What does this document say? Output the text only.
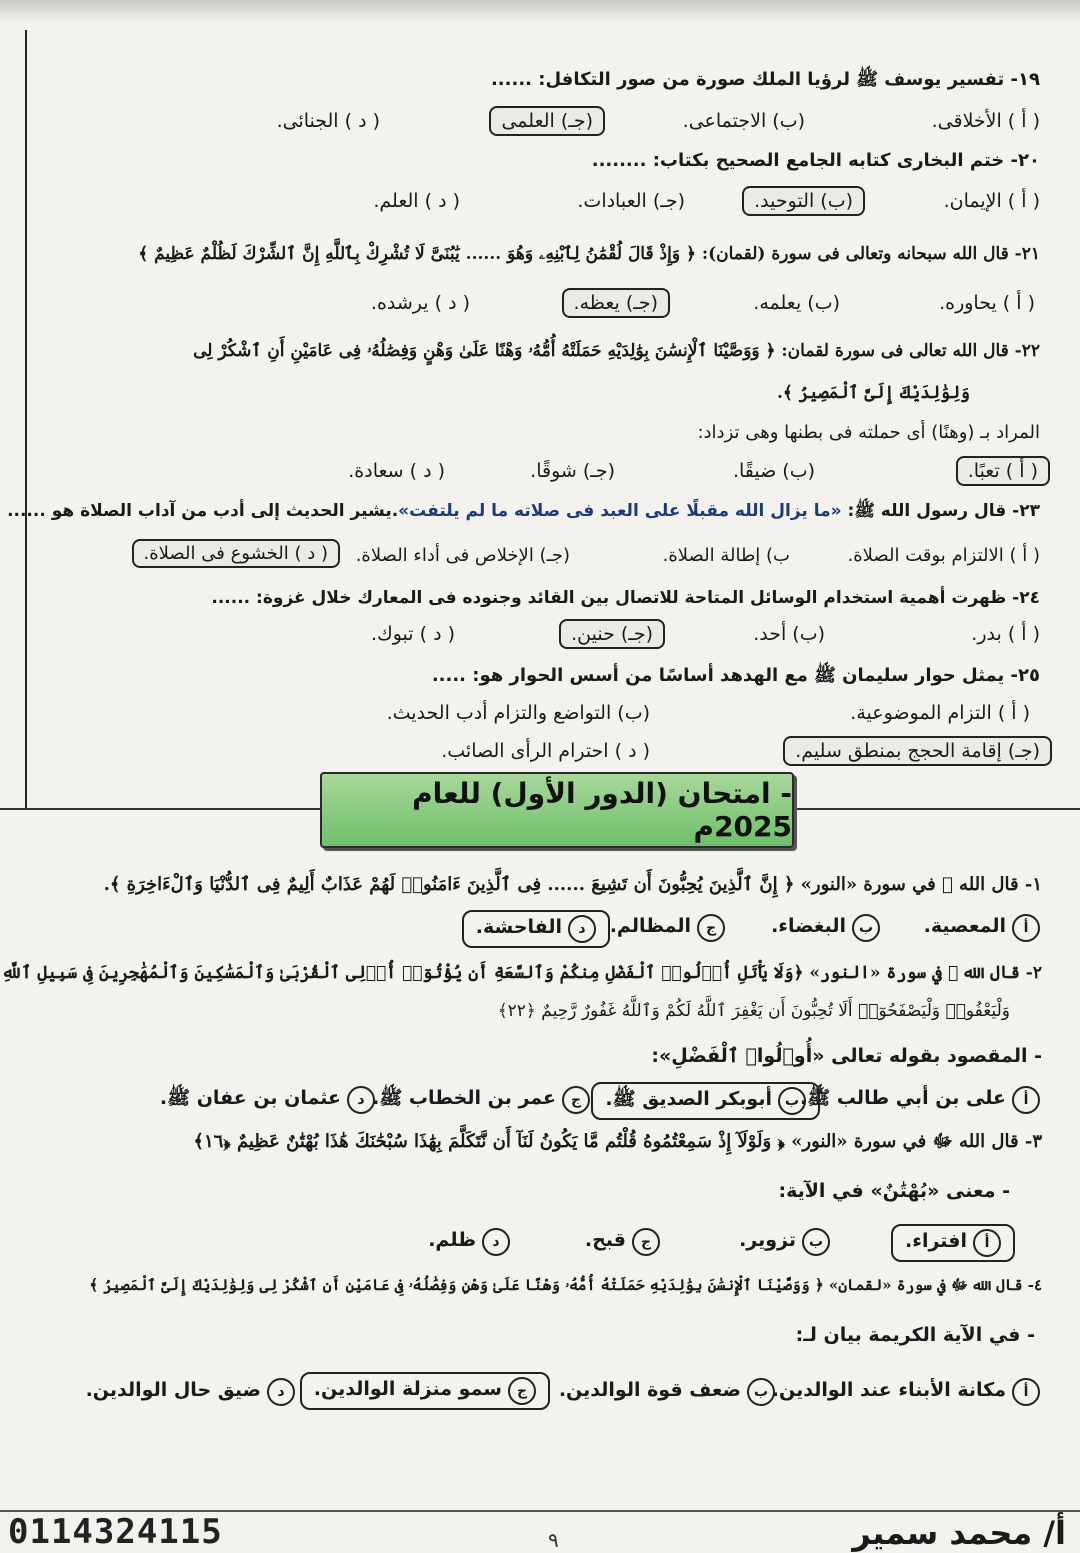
١٩- تفسير يوسف ﷺ لرؤيا الملك صورة من صور التكافل: ......
( أ ) الأخلاقى.
(ب) الاجتماعى.
(جـ) العلمى
( د ) الجنائى.
٢٠- ختم البخارى كتابه الجامع الصحيح بكتاب: ........
( أ ) الإيمان.
(ب) التوحيد.
(جـ) العبادات.
( د ) العلم.
٢١- قال الله سبحانه وتعالى فى سورة (لقمان): ﴿ وَإِذْ قَالَ لُقْمَٰنُ لِٱبْنِهِۦ وَهُوَ ...... يَٰبُنَىَّ لَا تُشْرِكْ بِٱللَّهِ إِنَّ ٱلشِّرْكَ لَظُلْمٌ عَظِيمٌ ﴾
( أ ) يحاوره.
(ب) يعلمه.
(جـ) يعظه.
( د ) يرشده.
٢٢- قال الله تعالى فى سورة لقمان: ﴿ وَوَصَّيْنَا ٱلْإِنسَٰنَ بِوَٰلِدَيْهِ حَمَلَتْهُ أُمُّهُۥ وَهْنًا عَلَىٰ وَهْنٍ وَفِصَٰلُهُۥ فِى عَامَيْنِ أَنِ ٱشْكُرْ لِى
وَلِوَٰلِدَيْكَ إِلَىَّ ٱلْمَصِيرُ ﴾.
المراد بـ (وهنًا) أى حملته فى بطنها وهى تزداد:
( أ ) تعبًا.
(ب) ضيقًا.
(جـ) شوقًا.
( د ) سعادة.
٢٣- قال رسول الله ﷺ: «ما يزال الله مقبلًا على العبد فى صلاته ما لم يلتفت».يشير الحديث إلى أدب من آداب الصلاة هو ......
( أ ) الالتزام بوقت الصلاة.
ب) إطالة الصلاة.
(جـ) الإخلاص فى أداء الصلاة.
( د ) الخشوع فى الصلاة.
٢٤- ظهرت أهمية استخدام الوسائل المتاحة للاتصال بين القائد وجنوده فى المعارك خلال غزوة: ......
( أ ) بدر.
(ب) أحد.
(جـ) حنين.
( د ) تبوك.
٢٥- يمثل حوار سليمان ﷺ مع الهدهد أساسًا من أسس الحوار هو: .....
( أ ) التزام الموضوعية.
(ب) التواضع والتزام أدب الحديث.
(جـ) إقامة الحجج بمنطق سليم.
( د ) احترام الرأى الصائب.
- امتحان (الدور الأول) للعام 2025م
١- قال الله ﷻ في سورة «النور» ﴿ إِنَّ ٱلَّذِينَ يُحِبُّونَ أَن تَشِيعَ ...... فِى ٱلَّذِينَ ءَامَنُوا۟ لَهُمْ عَذَابٌ أَلِيمٌ فِى ٱلدُّنْيَا وَٱلْءَاخِرَةِ ﴾.
أالمعصية.
بالبغضاء.
جالمظالم.
دالفاحشة.
٢- قال الله ﷻ في سورة «النور» ﴿وَلَا يَأْتَلِ أُو۟لُوا۟ ٱلْفَضْلِ مِنكُمْ وَٱلسَّعَةِ أَن يُؤْتُوٓا۟ أُو۟لِى ٱلْقُرْبَىٰ وَٱلْمَسَٰكِينَ وَٱلْمُهَٰجِرِينَ فِى سَبِيلِ ٱللَّهِ
وَلْيَعْفُوا۟ وَلْيَصْفَحُوٓا۟ أَلَا تُحِبُّونَ أَن يَغْفِرَ ٱللَّهُ لَكُمْ وَٱللَّهُ غَفُورٌ رَّحِيمٌ ﴿٢٢﴾
- المقصود بقوله تعالى «أُو۟لُوا۟ ٱلْفَضْلِ»:
أعلى بن أبي طالب ﷺ.
بأبوبكر الصديق ﷺ.
جعمر بن الخطاب ﷺ.
دعثمان بن عفان ﷺ.
٣- قال الله ﷻ في سورة «النور» ﴿ وَلَوْلَآ إِذْ سَمِعْتُمُوهُ قُلْتُم مَّا يَكُونُ لَنَآ أَن نَّتَكَلَّمَ بِهَٰذَا سُبْحَٰنَكَ هَٰذَا بُهْتَٰنٌ عَظِيمٌ ﴿١٦﴾
- معنى «بُهْتَٰنٌ» في الآية:
أافتراء.
بتزوير.
جقبح.
دظلم.
٤- قال الله ﷻ في سورة «لقمان» ﴿ وَوَصَّيْنَا ٱلْإِنسَٰنَ بِوَٰلِدَيْهِ حَمَلَتْهُ أُمُّهُۥ وَهْنًا عَلَىٰ وَهْنٍ وَفِصَٰلُهُۥ فِى عَامَيْنِ أَنِ ٱشْكُرْ لِى وَلِوَٰلِدَيْكَ إِلَىَّ ٱلْمَصِيرُ ﴾
- في الآية الكريمة بيان لـ:
أمكانة الأبناء عند الوالدين.
بضعف قوة الوالدين.
جسمو منزلة الوالدين.
دضيق حال الوالدين.
0114324115	٩	أ/ محمد سمير
